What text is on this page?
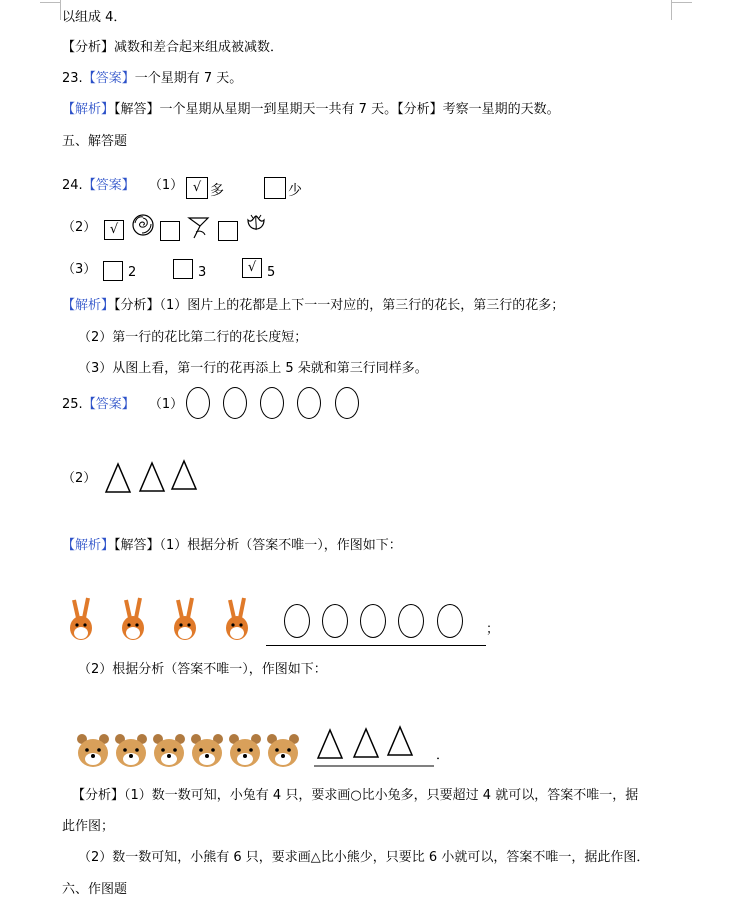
以组成 4．
【分析】减数和差合起来组成被减数．
23.【答案】一个星期有 7 天。
【解析】【解答】一个星期从星期一到星期天一共有 7 天。【分析】考察一星期的天数。
五、解答题
24.【答案】 （1） √ 多	少
（2）	√
（3） 2	3	√ 5
【解析】【分析】（1）图片上的花都是上下一一对应的，第三行的花长，第三行的花多；
（2）第一行的花比第二行的花长度短；
（3）从图上看，第一行的花再添上 5 朵就和第三行同样多。
25.【答案】 （1）

（2）
【解析】【解答】（1）根据分析（答案不唯一），作图如下：

；
（2）根据分析（答案不唯一），作图如下：
．
【分析】（1）数一数可知，小兔有 4 只，要求画○比小兔多，只要超过 4 就可以，答案不唯一，据
此作图；
（2）数一数可知，小熊有 6 只，要求画△比小熊少，只要比 6 小就可以，答案不唯一，据此作图．
六、作图题
